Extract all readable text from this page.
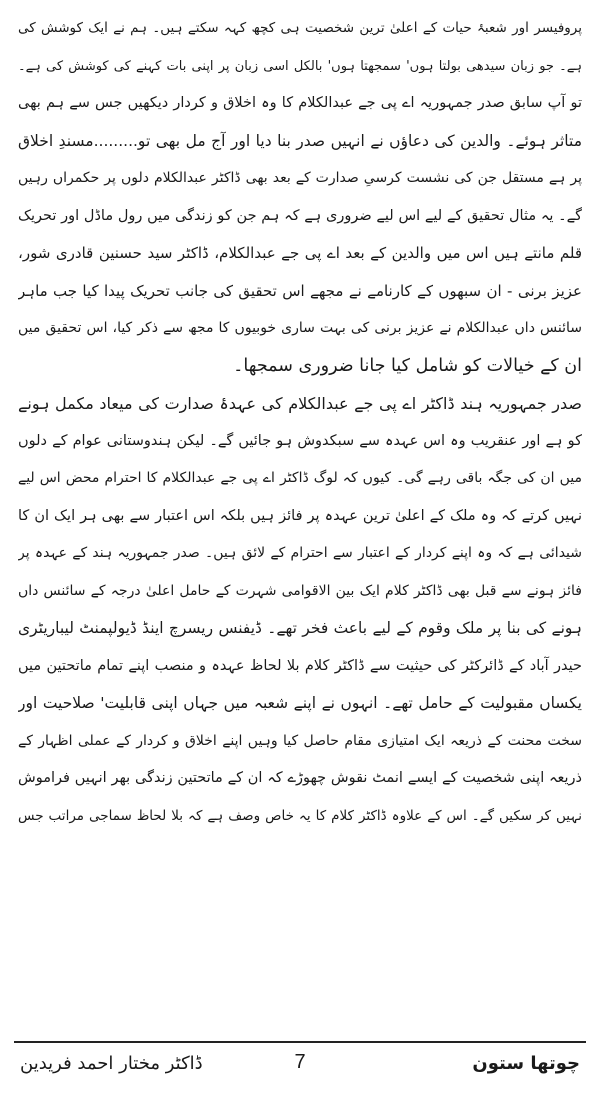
پروفیسر اور شعبۂ حیات کے اعلیٰ ترین شخصیت ہی کچھ کہہ سکتے ہیں۔ ہم نے ایک کوشش کی
ہے۔ جو زبان سیدھی بولتا ہوں' سمجھتا ہوں' بالکل اسی زبان پر اپنی بات کہنے کی کوشش کی ہے۔
تو آپ سابق صدر جمہوریہ اے پی جے عبدالکلام کا وہ اخلاق و کردار دیکھیں جس سے ہم بھی
متاثر ہوئے۔ والدین کی دعاؤں نے انہیں صدر بنا دیا اور آج مل بھی تو.........مسندِ اخلاق
پر ہے مستقل جن کی نشست کرسیِ صدارت کے بعد بھی ڈاکٹر عبدالکلام دلوں پر حکمراں رہیں
گے۔ یہ مثال تحقیق کے لیے اس لیے ضروری ہے کہ ہم جن کو زندگی میں رول ماڈل اور تحریک
قلم مانتے ہیں اس میں والدین کے بعد اے پی جے عبدالکلام، ڈاکٹر سید حسنین قادری شور،
عزیز برنی - ان سبھوں کے کارنامے نے مجھے اس تحقیق کی جانب تحریک پیدا کیا جب ماہر
سائنس داں عبدالکلام نے عزیز برنی کی بہت ساری خوبیوں کا مجھ سے ذکر کیا، اس تحقیق میں
ان کے خیالات کو شامل کیا جانا ضروری سمجھا۔
صدر جمہوریہ ہند ڈاکٹر اے پی جے عبدالکلام کی عہدۂ صدارت کی میعاد مکمل ہونے
کو ہے اور عنقریب وہ اس عہدہ سے سبکدوش ہو جائیں گے۔ لیکن ہندوستانی عوام کے دلوں
میں ان کی جگہ باقی رہے گی۔ کیوں کہ لوگ ڈاکٹر اے پی جے عبدالکلام کا احترام محض اس لیے
نہیں کرتے کہ وہ ملک کے اعلیٰ ترین عہدہ پر فائز ہیں بلکہ اس اعتبار سے بھی ہر ایک ان کا
شیدائی ہے کہ وہ اپنے کردار کے اعتبار سے احترام کے لائق ہیں۔ صدر جمہوریہ ہند کے عہدہ پر
فائز ہونے سے قبل بھی ڈاکٹر کلام ایک بین الاقوامی شہرت کے حامل اعلیٰ درجہ کے سائنس داں
ہونے کی بنا پر ملک وقوم کے لیے باعث فخر تھے۔ ڈیفنس ریسرچ اینڈ ڈیولپمنٹ لیباریٹری
حیدر آباد کے ڈائرکٹر کی حیثیت سے ڈاکٹر کلام بلا لحاظ عہدہ و منصب اپنے تمام ماتحتین میں
یکساں مقبولیت کے حامل تھے۔ انہوں نے اپنے شعبہ میں جہاں اپنی قابلیت' صلاحیت اور
سخت محنت کے ذریعہ ایک امتیازی مقام حاصل کیا وہیں اپنے اخلاق و کردار کے عملی اظہار کے
ذریعہ اپنی شخصیت کے ایسے انمٹ نقوش چھوڑے کہ ان کے ماتحتین زندگی بھر انہیں فراموش
نہیں کر سکیں گے۔ اس کے علاوہ ڈاکٹر کلام کا یہ خاص وصف ہے کہ بلا لحاظ سماجی مراتب جس
چوتھا ستون
7
ڈاکٹر مختار احمد فریدین
